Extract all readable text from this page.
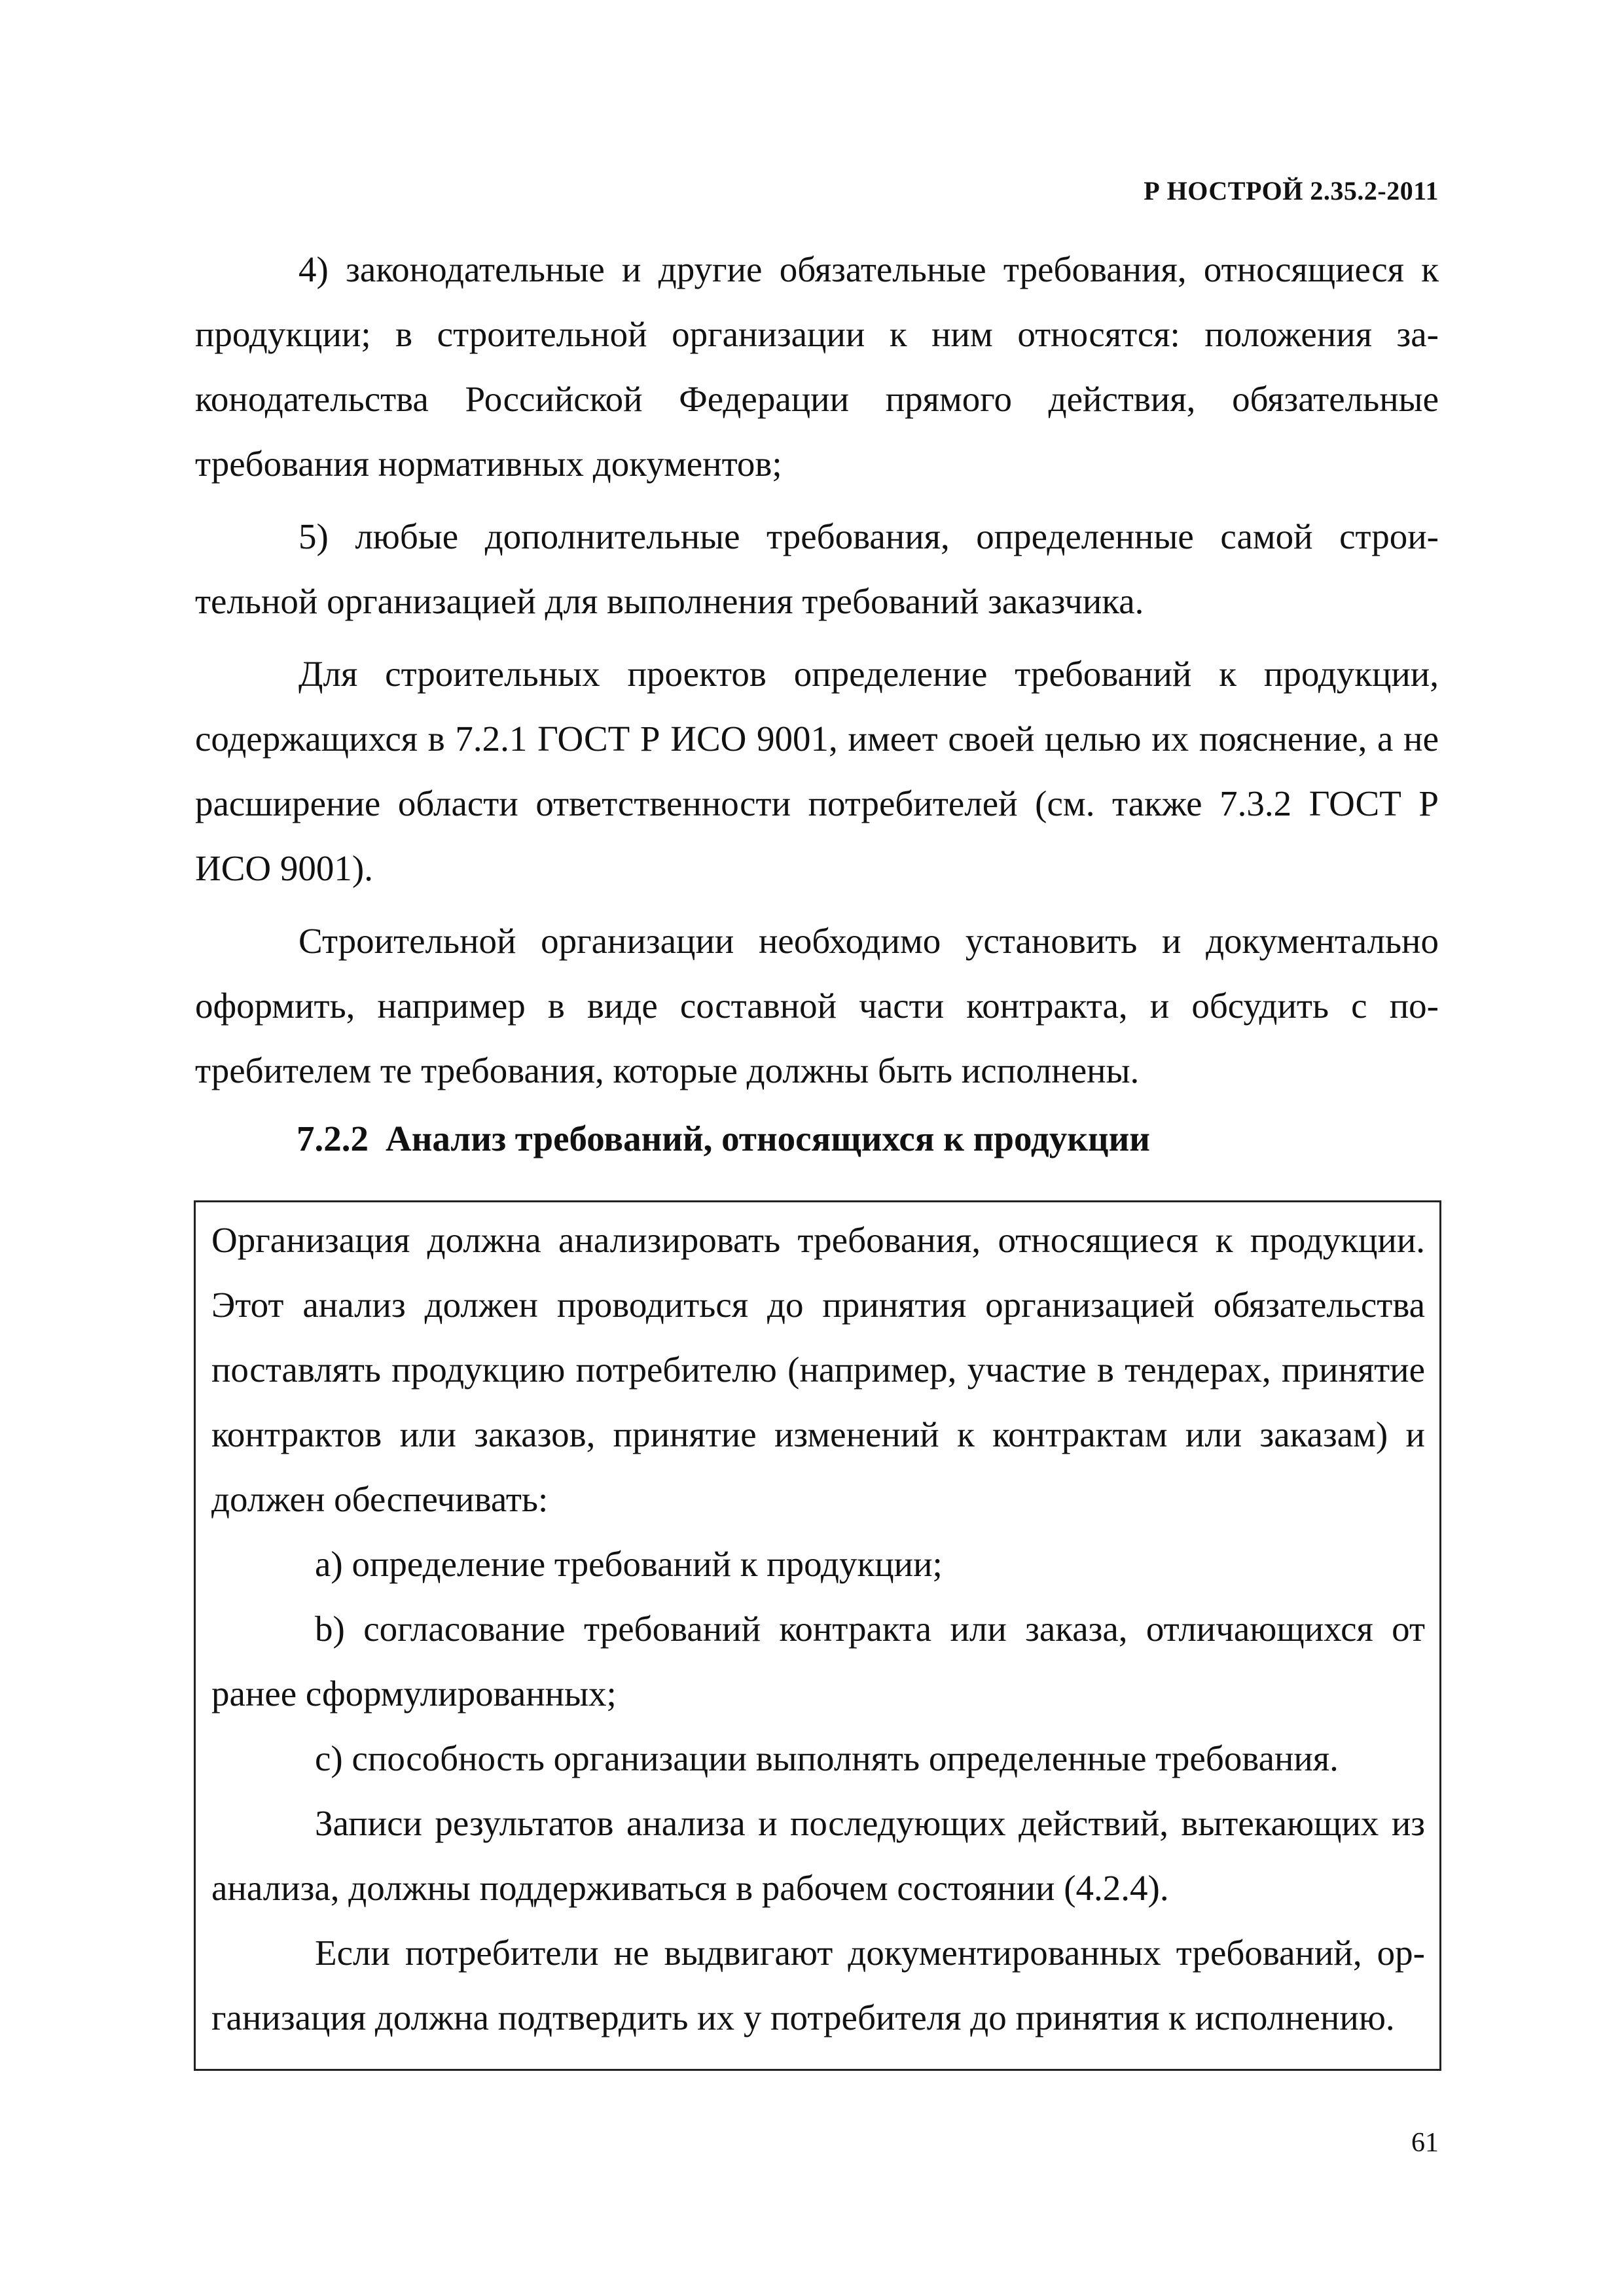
Р НОСТРОЙ 2.35.2-2011

4) законодательные и другие обязательные требования, относящиеся к продукции; в строительной организации к ним относятся: положения законодательства Российской Федерации прямого действия, обязательные требования нормативных документов;

5) любые дополнительные требования, определенные самой строительной организацией для выполнения требований заказчика.

Для строительных проектов определение требований к продукции, содержащихся в 7.2.1 ГОСТ Р ИСО 9001, имеет своей целью их пояснение, а не расширение области ответственности потребителей (см. также 7.3.2 ГОСТ Р ИСО 9001).

Строительной организации необходимо установить и документально оформить, например в виде составной части контракта, и обсудить с потребителем те требования, которые должны быть исполнены.

7.2.2 Анализ требований, относящихся к продукции

Организация должна анализировать требования, относящиеся к продукции. Этот анализ должен проводиться до принятия организацией обязательства поставлять продукцию потребителю (например, участие в тендерах, принятие контрактов или заказов, принятие изменений к контрактам или заказам) и должен обеспечивать:

a) определение требований к продукции;

b) согласование требований контракта или заказа, отличающихся от ранее сформулированных;

c) способность организации выполнять определенные требования.

Записи результатов анализа и последующих действий, вытекающих из анализа, должны поддерживаться в рабочем состоянии (4.2.4).

Если потребители не выдвигают документированных требований, организация должна подтвердить их у потребителя до принятия к исполнению.

61
